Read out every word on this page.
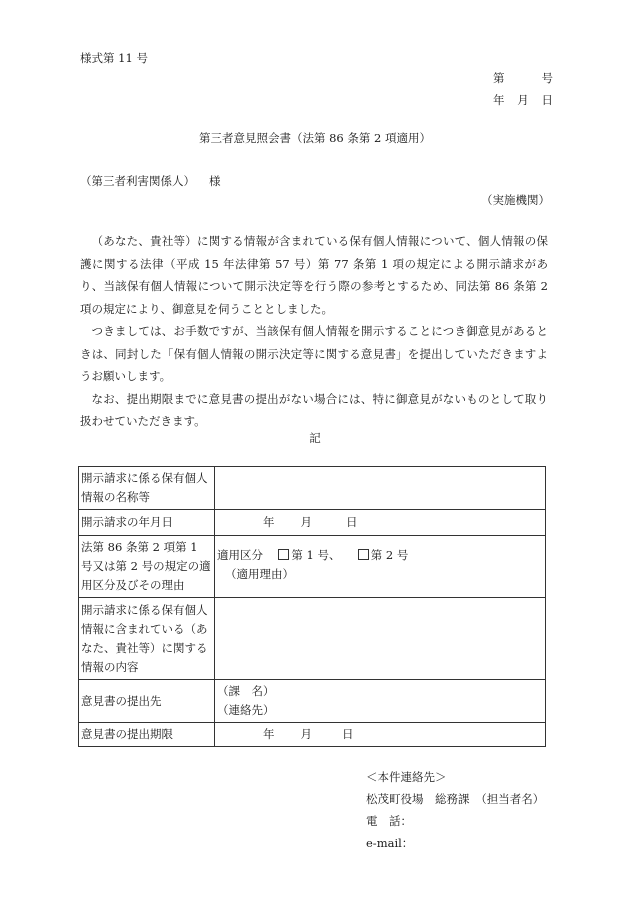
様式第 11 号
第	号
年 月 日
第三者意見照会書（法第 86 条第 2 項適用）
（第三者利害関係人） 様
（実施機関）

（あなた、貴社等）に関する情報が含まれている保有個人情報について、個人情報の保護に関する法律（平成 15 年法律第 57 号）第 77 条第 1 項の規定による開示請求があり、当該保有個人情報について開示決定等を行う際の参考とするため、同法第 86 条第 2 項の規定により、御意見を伺うこととしました。

つきましては、お手数ですが、当該保有個人情報を開示することにつき御意見があるときは、同封した「保有個人情報の開示決定等に関する意見書」を提出していただきますようお願いします。

なお、提出期限までに意見書の提出がない場合には、特に御意見がないものとして取り扱わせていただきます。

記
開示請求に係る保有個人情報の名称等	
開示請求の年月日	年 月 日
法第 86 条第 2 項第 1 号又は第 2 号の規定の適用区分及びその理由	適用区分 第 1 号、 第 2 号
（適用理由）

開示請求に係る保有個人情報に含まれている（あなた、貴社等）に関する情報の内容	
意見書の提出先	（課　名）
（連絡先）

意見書の提出期限	年 月 日
＜本件連絡先＞
松茂町役場　総務課　（担当者名）
電　話：
e-mail：
